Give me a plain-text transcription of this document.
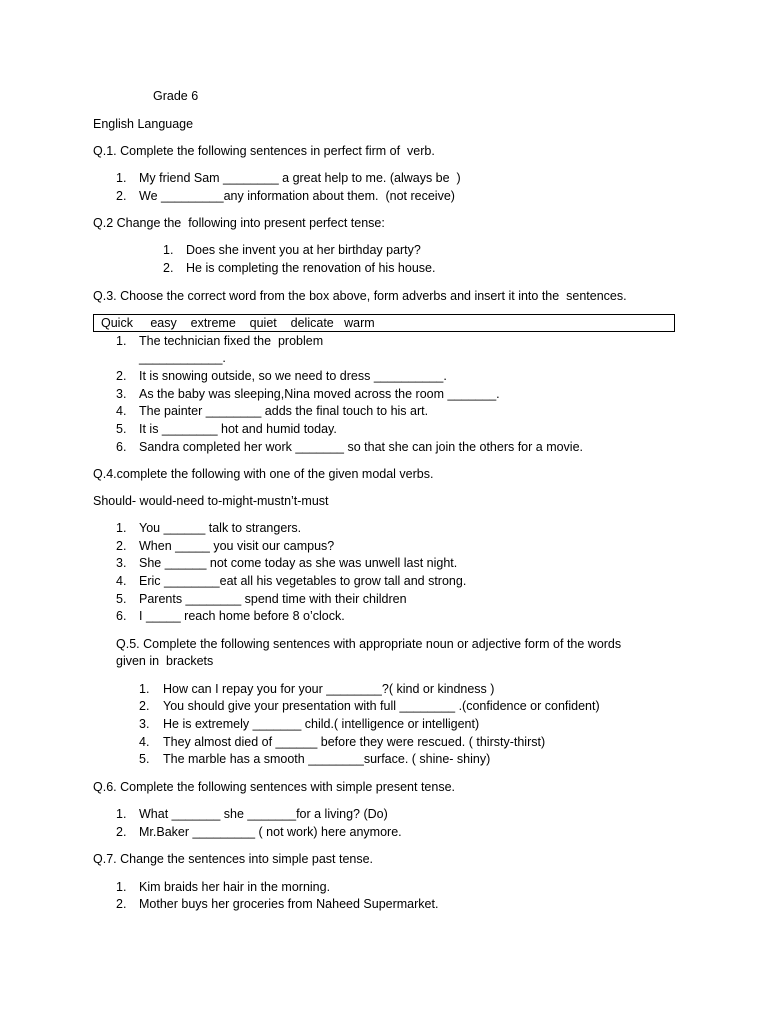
Grade 6
English Language
Q.1. Complete the following sentences in perfect firm of  verb.
1. My friend Sam ________ a great help to me. (always be  )
2. We _________any information about them.  (not receive)
Q.2 Change the  following into present perfect tense:
1. Does she invent you at her birthday party?
2. He is completing the renovation of his house.
Q.3. Choose the correct word from the box above, form adverbs and insert it into the  sentences.
Quick     easy    extreme    quiet    delicate   warm
1. The technician fixed the  problem
____________.
2. It is snowing outside, so we need to dress __________.
3. As the baby was sleeping,Nina moved across the room _______.
4. The painter ________ adds the final touch to his art.
5. It is ________ hot and humid today.
6. Sandra completed her work _______ so that she can join the others for a movie.
Q.4.complete the following with one of the given modal verbs.
Should- would-need to-might-mustn’t-must
1. You ______ talk to strangers.
2. When _____ you visit our campus?
3. She ______ not come today as she was unwell last night.
4. Eric ________eat all his vegetables to grow tall and strong.
5. Parents ________ spend time with their children
6. I _____ reach home before 8 o’clock.
Q.5. Complete the following sentences with appropriate noun or adjective form of the words
given in  brackets
1. How can I repay you for your ________?( kind or kindness )
2. You should give your presentation with full ________ .(confidence or confident)
3. He is extremely _______ child.( intelligence or intelligent)
4. They almost died of ______ before they were rescued. ( thirsty-thirst)
5. The marble has a smooth ________surface. ( shine- shiny)
Q.6. Complete the following sentences with simple present tense.
1. What _______ she _______for a living? (Do)
2. Mr.Baker _________ ( not work) here anymore.
Q.7. Change the sentences into simple past tense.
1. Kim braids her hair in the morning.
2. Mother buys her groceries from Naheed Supermarket.
